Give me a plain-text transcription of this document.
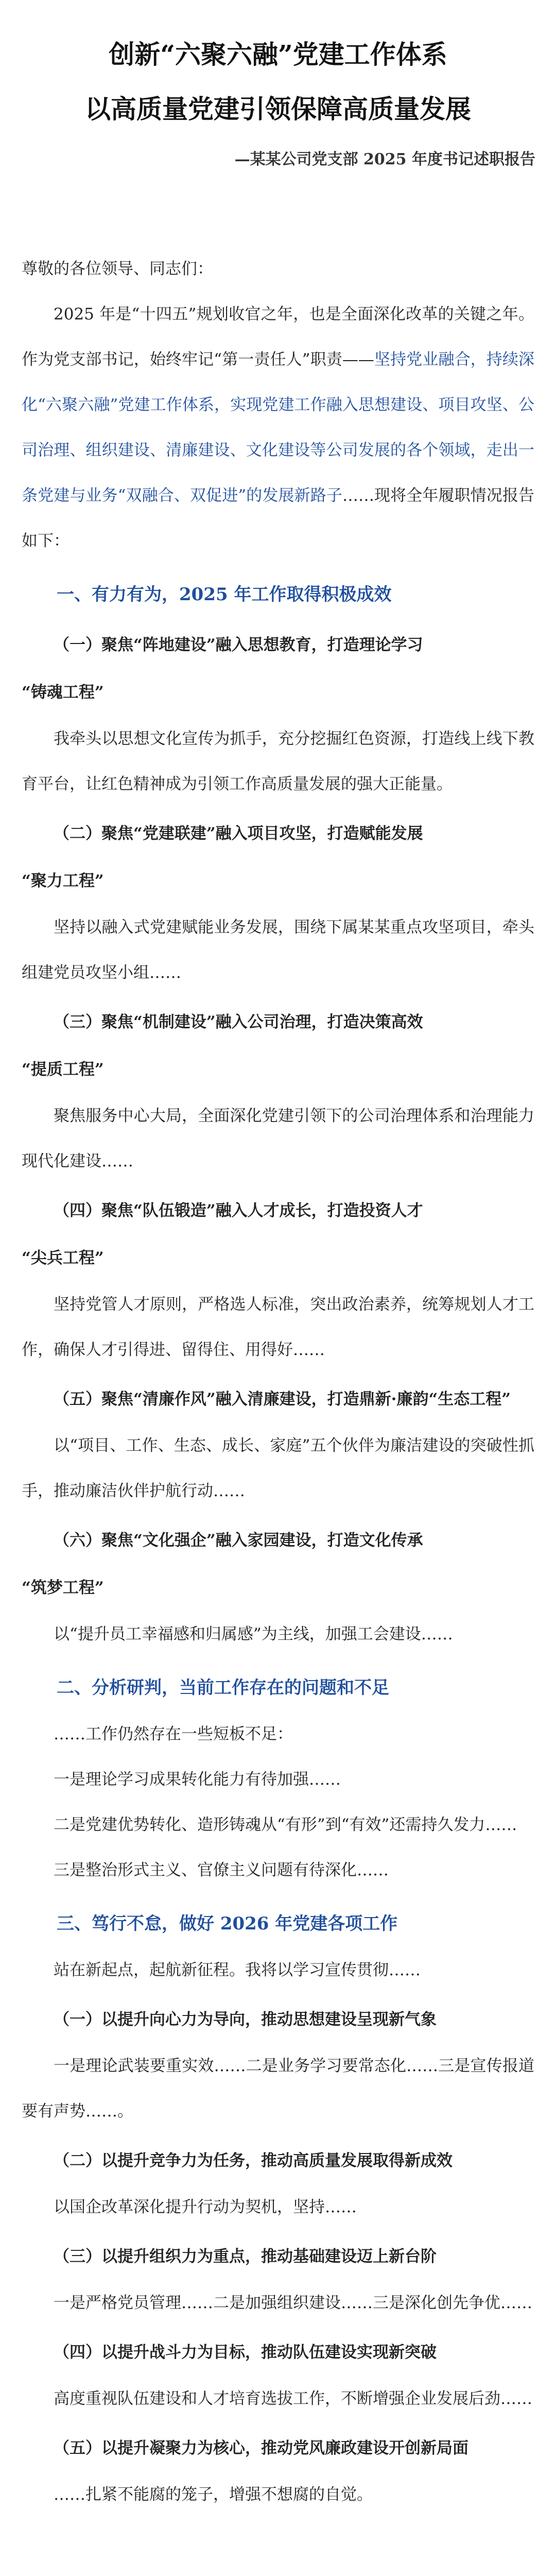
创新“六聚六融”党建工作体系
以高质量党建引领保障高质量发展
—某某公司党支部 2025 年度书记述职报告

尊敬的各位领导、同志们：

2025 年是“十四五”规划收官之年，也是全面深化改革的关键之年。作为党支部书记，始终牢记“第一责任人”职责——坚持党业融合，持续深化“六聚六融”党建工作体系，实现党建工作融入思想建设、项目攻坚、公司治理、组织建设、清廉建设、文化建设等公司发展的各个领域，走出一条党建与业务“双融合、双促进”的发展新路子……现将全年履职情况报告如下：

一、有力有为，2025 年工作取得积极成效
（一）聚焦“阵地建设”融入思想教育，打造理论学习
“铸魂工程”

我牵头以思想文化宣传为抓手，充分挖掘红色资源，打造线上线下教育平台，让红色精神成为引领工作高质量发展的强大正能量。

（二）聚焦“党建联建”融入项目攻坚，打造赋能发展
“聚力工程”

坚持以融入式党建赋能业务发展，围绕下属某某重点攻坚项目，牵头组建党员攻坚小组……

（三）聚焦“机制建设”融入公司治理，打造决策高效
“提质工程”

聚焦服务中心大局，全面深化党建引领下的公司治理体系和治理能力现代化建设……

（四）聚焦“队伍锻造”融入人才成长，打造投资人才
“尖兵工程”

坚持党管人才原则，严格选人标准，突出政治素养，统筹规划人才工作，确保人才引得进、留得住、用得好……

（五）聚焦“清廉作风”融入清廉建设，打造鼎新·廉韵“生态工程”

以“项目、工作、生态、成长、家庭”五个伙伴为廉洁建设的突破性抓手，推动廉洁伙伴护航行动……

（六）聚焦“文化强企”融入家园建设，打造文化传承
“筑梦工程”

以“提升员工幸福感和归属感”为主线，加强工会建设……

二、分析研判，当前工作存在的问题和不足

……工作仍然存在一些短板不足：

一是理论学习成果转化能力有待加强……

二是党建优势转化、造形铸魂从“有形”到“有效”还需持久发力……

三是整治形式主义、官僚主义问题有待深化……

三、笃行不怠，做好 2026 年党建各项工作

站在新起点，起航新征程。我将以学习宣传贯彻……

（一）以提升向心力为导向，推动思想建设呈现新气象

一是理论武装要重实效……二是业务学习要常态化……三是宣传报道要有声势……。

（二）以提升竞争力为任务，推动高质量发展取得新成效

以国企改革深化提升行动为契机，坚持……

（三）以提升组织力为重点，推动基础建设迈上新台阶

一是严格党员管理……二是加强组织建设……三是深化创先争优……

（四）以提升战斗力为目标，推动队伍建设实现新突破

高度重视队伍建设和人才培育选拔工作，不断增强企业发展后劲……

（五）以提升凝聚力为核心，推动党风廉政建设开创新局面

……扎紧不能腐的笼子，增强不想腐的自觉。
